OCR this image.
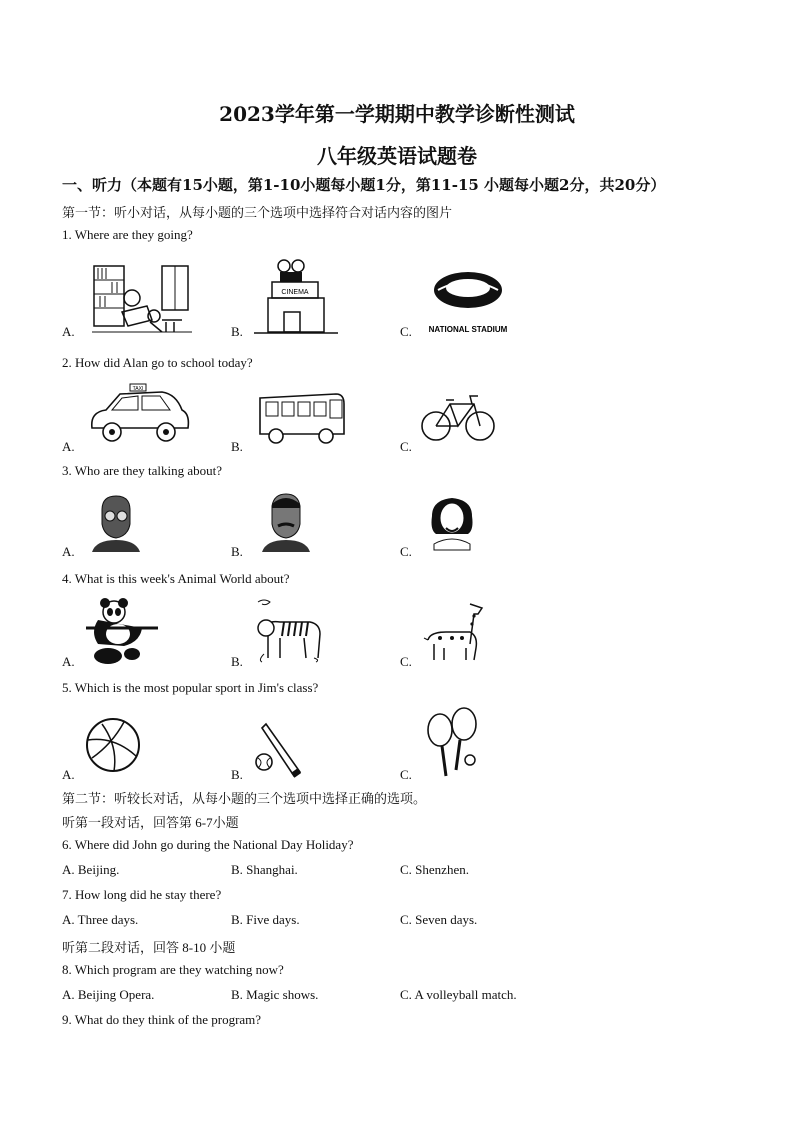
2023学年第一学期期中教学诊断性测试
八年级英语试题卷
一、听力（本题有15小题，第1-10小题每小题1分，第11-15 小题每小题2分，共20分）
第一节：听小对话，从每小题的三个选项中选择符合对话内容的图片
1. Where are they going?
A.	B.	C.
CINEMA
NATIONAL STADIUM
2. How did Alan go to school today?
A.	B.	C.
TAXI
3. Who are they talking about?
A.	B.	C.
4. What is this week's Animal World about?
A.	B.	C.
5. Which is the most popular sport in Jim's class?
A.	B.	C.
第二节：听较长对话，从每小题的三个选项中选择正确的选项。
听第一段对话，回答第 6-7小题
6. Where did John go during the National Day Holiday?
A. Beijing.	B. Shanghai.	C. Shenzhen.
7. How long did he stay there?
A. Three days.	B. Five days.	C. Seven days.
听第二段对话，回答 8-10 小题
8. Which program are they watching now?
A. Beijing Opera.	B. Magic shows.	C. A volleyball match.
9. What do they think of the program?
